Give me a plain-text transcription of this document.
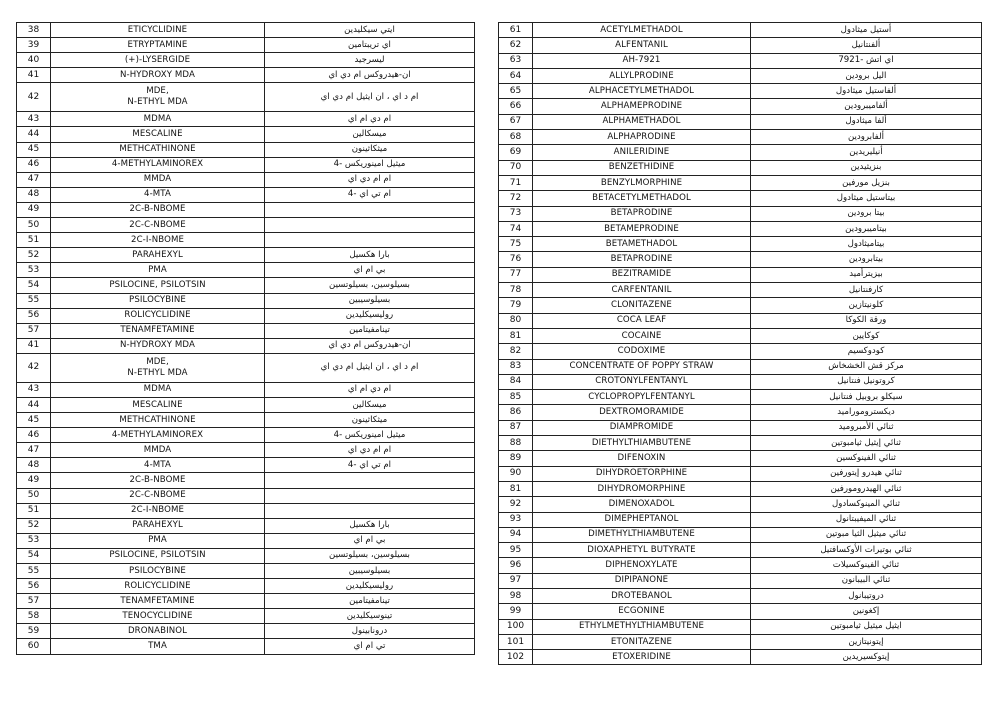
38	ETICYCLIDINE	ايتي سيكليدين
39	ETRYPTAMINE	اي تريبتامين
40	(+)-LYSERGIDE	ليسرجيد
41	N-HYDROXY MDA	ان-هيدروكس ام دي اي
42	MDE,
N-ETHYL MDA	ام د اي ، ان ايثيل ام دي اي
43	MDMA	ام دي ام اي
44	MESCALINE	ميسكالين
45	METHCATHINONE	ميثكاثينون
46	4-METHYLAMINOREX	ميثيل امينوريكس -4
47	MMDA	ام ام دي اي
48	4-MTA	ام تي اي -4
49	2C-B-NBOME	
50	2C-C-NBOME	
51	2C-I-NBOME	
52	PARAHEXYL	بارا هكسيل
53	PMA	بي ام اي
54	PSILOCINE, PSILOTSIN	بسيلوسين، بسيلوتسين
55	PSILOCYBINE	بسيلوسيبين
56	ROLICYCLIDINE	روليسيكليدين
57	TENAMFETAMINE	تينامفيتامين
41	N-HYDROXY MDA	ان-هيدروكس ام دي اي
42	MDE,
N-ETHYL MDA	ام د اي ، ان ايثيل ام دي اي
43	MDMA	ام دي ام اي
44	MESCALINE	ميسكالين
45	METHCATHINONE	ميثكاثينون
46	4-METHYLAMINOREX	ميثيل امينوريكس -4
47	MMDA	ام ام دي اي
48	4-MTA	ام تي اي -4
49	2C-B-NBOME	
50	2C-C-NBOME	
51	2C-I-NBOME	
52	PARAHEXYL	بارا هكسيل
53	PMA	بي ام اي
54	PSILOCINE, PSILOTSIN	بسيلوسين، بسيلوتسين
55	PSILOCYBINE	بسيلوسيبين
56	ROLICYCLIDINE	روليسيكليدين
57	TENAMFETAMINE	تينامفيتامين
58	TENOCYCLIDINE	تينوسيكليدين
59	DRONABINOL	درونابينول
60	TMA	تي ام اي
61	ACETYLMETHADOL	أستيل ميثادول
62	ALFENTANIL	ألفنتانيل
63	AH-7921	اي اتش -7921
64	ALLYLPRODINE	اليل برودين
65	ALPHACETYLMETHADOL	ألفاستيل ميثادول
66	ALPHAMEPRODINE	ألفاميبرودين
67	ALPHAMETHADOL	ألفا ميثادول
68	ALPHAPRODINE	ألفابرودين
69	ANILERIDINE	أنيليريدين
70	BENZETHIDINE	بنزيثيدين
71	BENZYLMORPHINE	بنزيل مورفين
72	BETACETYLMETHADOL	بيتاستيل ميثادول
73	BETAPRODINE	بيتا برودين
74	BETAMEPRODINE	بيتاميبرودين
75	BETAMETHADOL	بيتاميثادول
76	BETAPRODINE	بيتابرودين
77	BEZITRAMIDE	بيزيترأميد
78	CARFENTANIL	كارفنتانيل
79	CLONITAZENE	كلونيتازين
80	COCA LEAF	ورقة الكوكا
81	COCAINE	كوكايين
82	CODOXIME	كودوكسيم
83	CONCENTRATE OF POPPY STRAW	مركز قش الخشخاش
84	CROTONYLFENTANYL	كروتونيل فنتانيل
85	CYCLOPROPYLFENTANYL	سيكلو بروبيل فنتانيل
86	DEXTROMORAMIDE	ديكستروموراميد
87	DIAMPROMIDE	ثنائي الأمبروميد
88	DIETHYLTHIAMBUTENE	ثنائي إيثيل ثيامبوتين
89	DIFENOXIN	ثنائي الفينوكسين
90	DIHYDROETORPHINE	ثنائي هيدرو إيتورفين
81	DIHYDROMORPHINE	ثنائي الهيدرومورفين
92	DIMENOXADOL	ثنائي المينوكسادول
93	DIMEPHEPTANOL	ثنائي الميفيبتانول
94	DIMETHYLTHIAMBUTENE	ثنائي ميثيل الثيا مبوتين
95	DIOXAPHETYL BUTYRATE	ثنائي بوتيرات الأوكسافتيل
96	DIPHENOXYLATE	ثنائي الفينوكسيلات
97	DIPIPANONE	ثنائي البيبانون
98	DROTEBANOL	دروتيبانول
99	ECGONINE	إكغونين
100	ETHYLMETHYLTHIAMBUTENE	ايثيل ميثيل ثيامبوتين
101	ETONITAZENE	إيتونيتازين
102	ETOXERIDINE	إيتوكسيريدين
